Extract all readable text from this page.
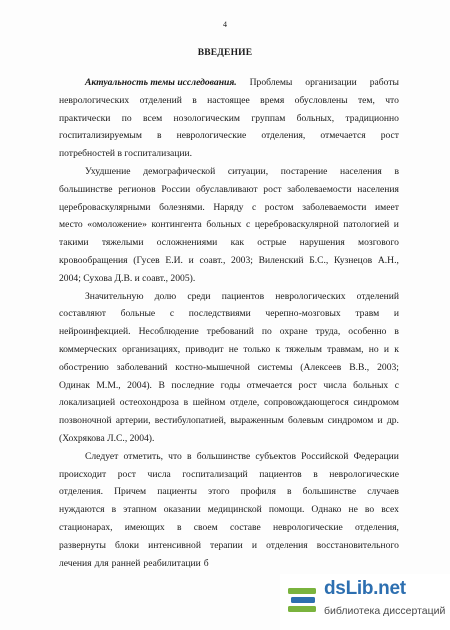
4
ВВЕДЕНИЕ
Актуальность темы исследования. Проблемы организации работы
неврологических отделений в настоящее время обусловлены тем, что
практически по всем нозологическим группам больных, традиционно
госпитализируемым в неврологические отделения, отмечается рост
потребностей в госпитализации.
Ухудшение демографической ситуации, постарение населения в
большинстве регионов России обуславливают рост заболеваемости населения
цереброваскулярными болезнями. Наряду с ростом заболеваемости имеет
место «омоложение» контингента больных с цереброваскулярной патологией и
такими тяжелыми осложнениями как острые нарушения мозгового
кровообращения (Гусев Е.И. и соавт., 2003; Виленский Б.С., Кузнецов А.Н.,
2004; Сухова Д.В. и соавт., 2005).
Значительную долю среди пациентов неврологических отделений
составляют больные с последствиями черепно-мозговых травм и
нейроинфекцией. Несоблюдение требований по охране труда, особенно в
коммерческих организациях, приводит не только к тяжелым травмам, но и к
обострению заболеваний костно-мышечной системы (Алексеев В.В., 2003;
Одинак М.М., 2004). В последние годы отмечается рост числа больных с
локализацией остеохондроза в шейном отделе, сопровождающегося синдромом
позвоночной артерии, вестибулопатией, выраженным болевым синдромом и др.
(Хохрякова Л.С., 2004).
Следует отметить, что в большинстве субъектов Российской Федерации
происходит рост числа госпитализаций пациентов в неврологические
отделения. Причем пациенты этого профиля в большинстве случаев
нуждаются в этапном оказании медицинской помощи. Однако не во всех
стационарах, имеющих в своем составе неврологические отделения,
развернуты блоки интенсивной терапии и отделения восстановительного
лечения для ранней реабилитации б
dsLib.net
библиотека диссертаций
